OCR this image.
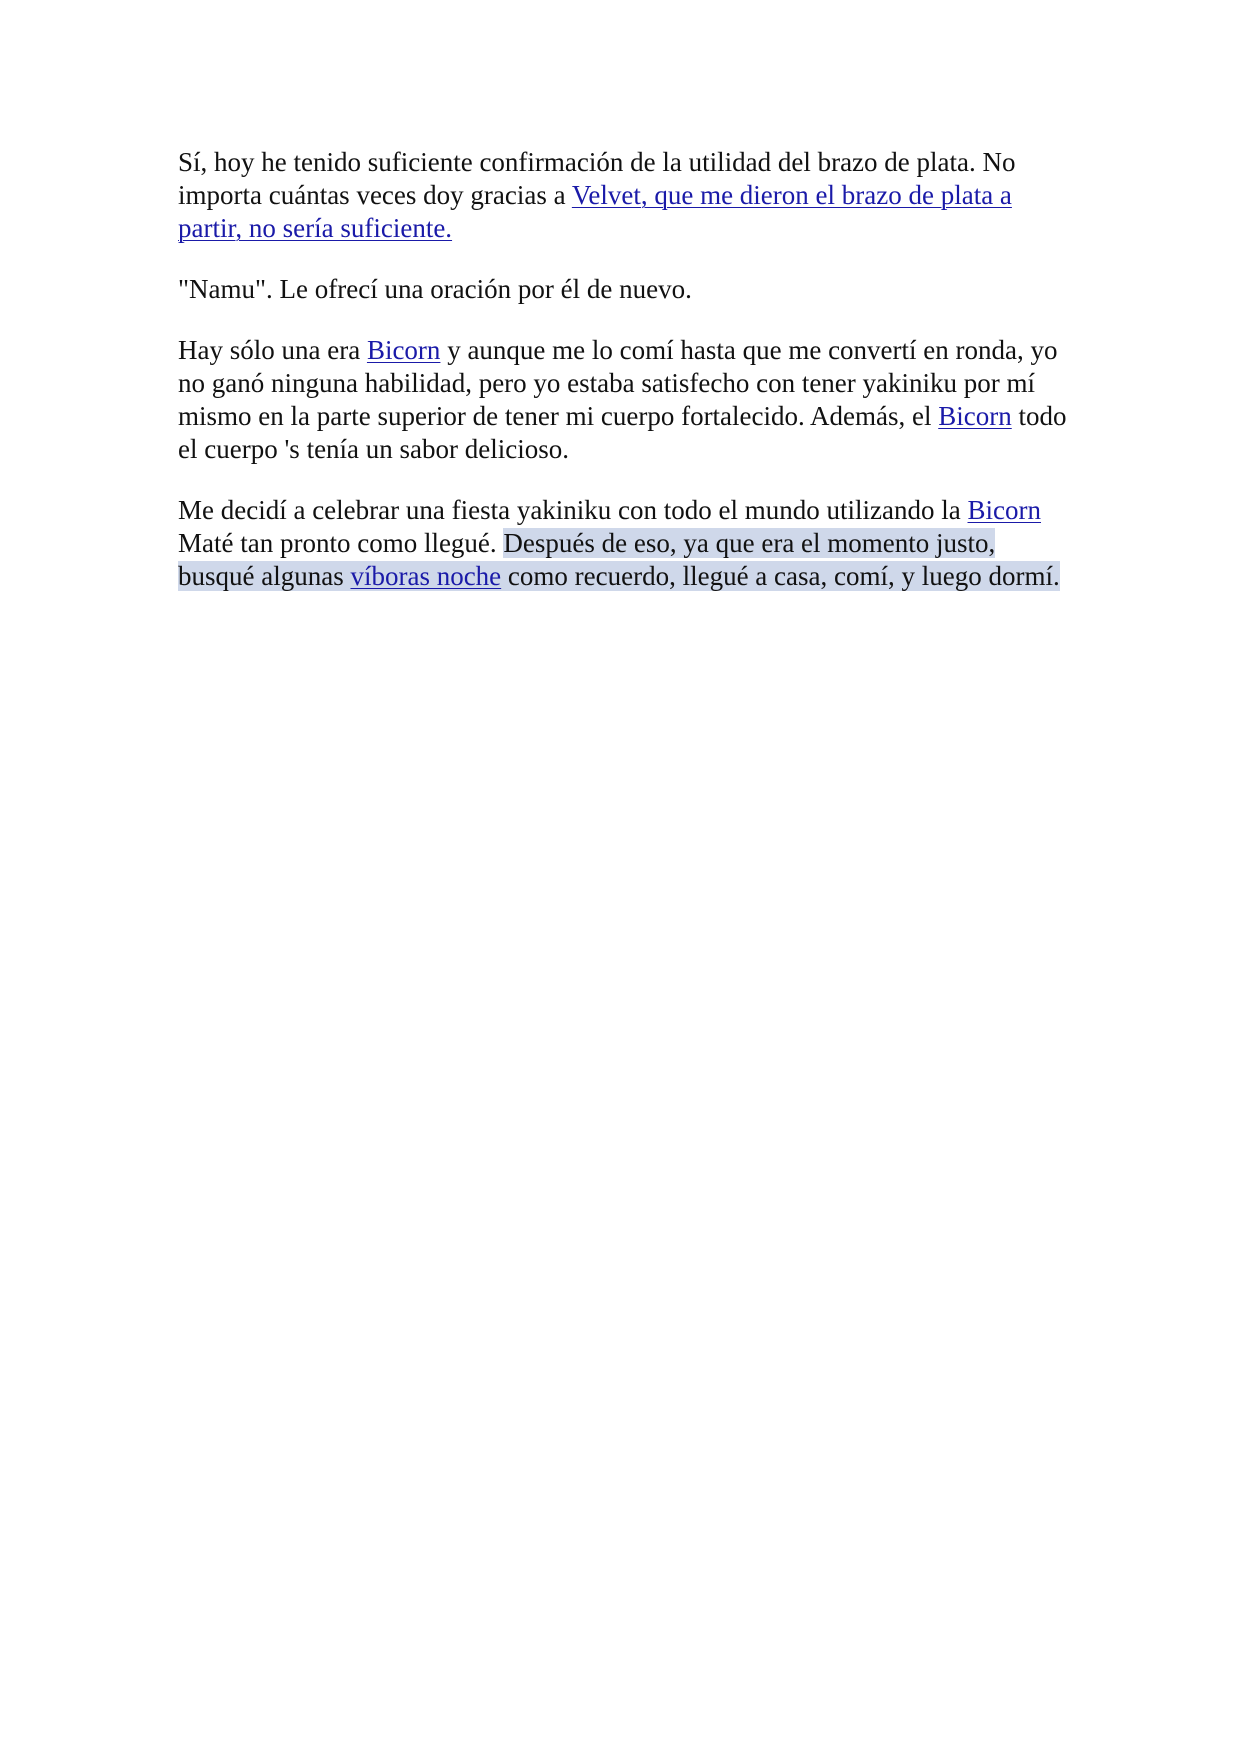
Sí, hoy he tenido suficiente confirmación de la utilidad del brazo de plata. No importa cuántas veces doy gracias a Velvet, que me dieron el brazo de plata a partir, no sería suficiente.

"Namu". Le ofrecí una oración por él de nuevo.

Hay sólo una era Bicorn y aunque me lo comí hasta que me convertí en ronda, yo no ganó ninguna habilidad, pero yo estaba satisfecho con tener yakiniku por mí mismo en la parte superior de tener mi cuerpo fortalecido. Además, el Bicorn todo el cuerpo 's tenía un sabor delicioso.

Me decidí a celebrar una fiesta yakiniku con todo el mundo utilizando la Bicorn Maté tan pronto como llegué. Después de eso, ya que era el momento justo, busqué algunas víboras noche como recuerdo, llegué a casa, comí, y luego dormí.
